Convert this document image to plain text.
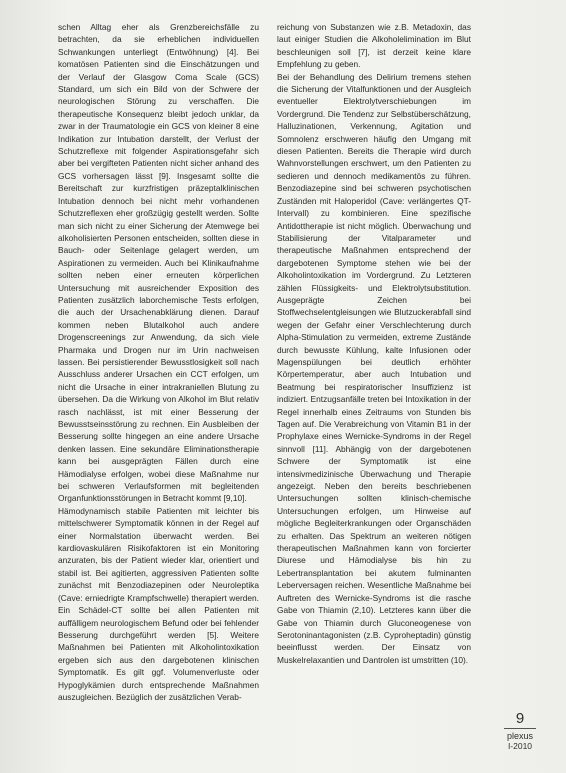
schen Alltag eher als Grenzbereichsfälle zu betrachten, da sie erheblichen individuellen Schwankungen unterliegt (Entwöhnung) [4]. Bei komatösen Patienten sind die Einschätzungen und der Verlauf der Glasgow Coma Scale (GCS) Standard, um sich ein Bild von der Schwere der neurologischen Störung zu verschaffen. Die therapeutische Konsequenz bleibt jedoch unklar, da zwar in der Traumatologie ein GCS von kleiner 8 eine Indikation zur Intubation darstellt, der Verlust der Schutzreflexe mit folgender Aspirationsgefahr sich aber bei vergifteten Patienten nicht sicher anhand des GCS vorhersagen lässt [9]. Insgesamt sollte die Bereitschaft zur kurzfristigen präzeptalklinischen Intubation dennoch bei nicht mehr vorhandenen Schutzreflexen eher großzügig gestellt werden. Sollte man sich nicht zu einer Sicherung der Atemwege bei alkoholisierten Personen entscheiden, sollten diese in Bauch- oder Seitenlage gelagert werden, um Aspirationen zu vermeiden. Auch bei Klinikaufnahme sollten neben einer erneuten körperlichen Untersuchung mit ausreichender Exposition des Patienten zusätzlich laborchemische Tests erfolgen, die auch der Ursachenabklärung dienen. Darauf kommen neben Blutalkohol auch andere Drogenscreenings zur Anwendung, da sich viele Pharmaka und Drogen nur im Urin nachweisen lassen. Bei persistierender Bewusstlosigkeit soll nach Ausschluss anderer Ursachen ein CCT erfolgen, um nicht die Ursache in einer intrakraniellen Blutung zu übersehen. Da die Wirkung von Alkohol im Blut relativ rasch nachlässt, ist mit einer Besserung der Bewusstseinsstörung zu rechnen. Ein Ausbleiben der Besserung sollte hingegen an eine andere Ursache denken lassen. Eine sekundäre Eliminationstherapie kann bei ausgeprägten Fällen durch eine Hämodialyse erfolgen, wobei diese Maßnahme nur bei schweren Verlaufsformen mit begleitenden Organfunktionsstörungen in Betracht kommt [9,10].

Hämodynamisch stabile Patienten mit leichter bis mittelschwerer Symptomatik können in der Regel auf einer Normalstation überwacht werden. Bei kardiovaskulären Risikofaktoren ist ein Monitoring anzuraten, bis der Patient wieder klar, orientiert und stabil ist. Bei agitierten, aggressiven Patienten sollte zunächst mit Benzodiazepinen oder Neuroleptika (Cave: erniedrigte Krampfschwelle) therapiert werden. Ein Schädel-CT sollte bei allen Patienten mit auffälligem neurologischem Befund oder bei fehlender Besserung durchgeführt werden [5]. Weitere Maßnahmen bei Patienten mit Alkoholintoxikation ergeben sich aus den dargebotenen klinischen Symptomatik. Es gilt ggf. Volumenverluste oder Hypoglykämien durch entsprechende Maßnahmen auszugleichen. Bezüglich der zusätzlichen Verab-

reichung von Substanzen wie z.B. Metadoxin, das laut einiger Studien die Alkoholelimination im Blut beschleunigen soll [7], ist derzeit keine klare Empfehlung zu geben.

Bei der Behandlung des Delirium tremens stehen die Sicherung der Vitalfunktionen und der Ausgleich eventueller Elektrolytverschiebungen im Vordergrund. Die Tendenz zur Selbstüberschätzung, Halluzinationen, Verkennung, Agitation und Somnolenz erschweren häufig den Umgang mit diesen Patienten. Bereits die Therapie wird durch Wahnvorstellungen erschwert, um den Patienten zu sedieren und dennoch medikamentös zu führen. Benzodiazepine sind bei schweren psychotischen Zuständen mit Haloperidol (Cave: verlängertes QT-Intervall) zu kombinieren. Eine spezifische Antidottherapie ist nicht möglich. Überwachung und Stabilisierung der Vitalparameter und therapeutische Maßnahmen entsprechend der dargebotenen Symptome stehen wie bei der Alkoholintoxikation im Vordergrund. Zu Letzteren zählen Flüssigkeits- und Elektrolytsubstitution. Ausgeprägte Zeichen bei Stoffwechselentgleisungen wie Blutzuckerabfall sind wegen der Gefahr einer Verschlechterung durch Alpha-Stimulation zu vermeiden, extreme Zustände durch bewusste Kühlung, kalte Infusionen oder Magenspülungen bei deutlich erhöhter Körpertemperatur, aber auch Intubation und Beatmung bei respiratorischer Insuffizienz ist indiziert. Entzugsanfälle treten bei Intoxikation in der Regel innerhalb eines Zeitraums von Stunden bis Tagen auf. Die Verabreichung von Vitamin B1 in der Prophylaxe eines Wernicke-Syndroms in der Regel sinnvoll [11]. Abhängig von der dargebotenen Schwere der Symptomatik ist eine intensivmedizinische Überwachung und Therapie angezeigt. Neben den bereits beschriebenen Untersuchungen sollten klinisch-chemische Untersuchungen erfolgen, um Hinweise auf mögliche Begleiterkrankungen oder Organschäden zu erhalten. Das Spektrum an weiteren nötigen therapeutischen Maßnahmen kann von forcierter Diurese und Hämodialyse bis hin zu Lebertransplantation bei akutem fulminanten Leberversagen reichen. Wesentliche Maßnahme bei Auftreten des Wernicke-Syndroms ist die rasche Gabe von Thiamin (2,10). Letzteres kann über die Gabe von Thiamin durch Gluconeogenese von Serotoninantagonisten (z.B. Cyproheptadin) günstig beeinflusst werden. Der Einsatz von Muskelrelaxantien und Dantrolen ist umstritten (10).

9
plexus
I-2010
